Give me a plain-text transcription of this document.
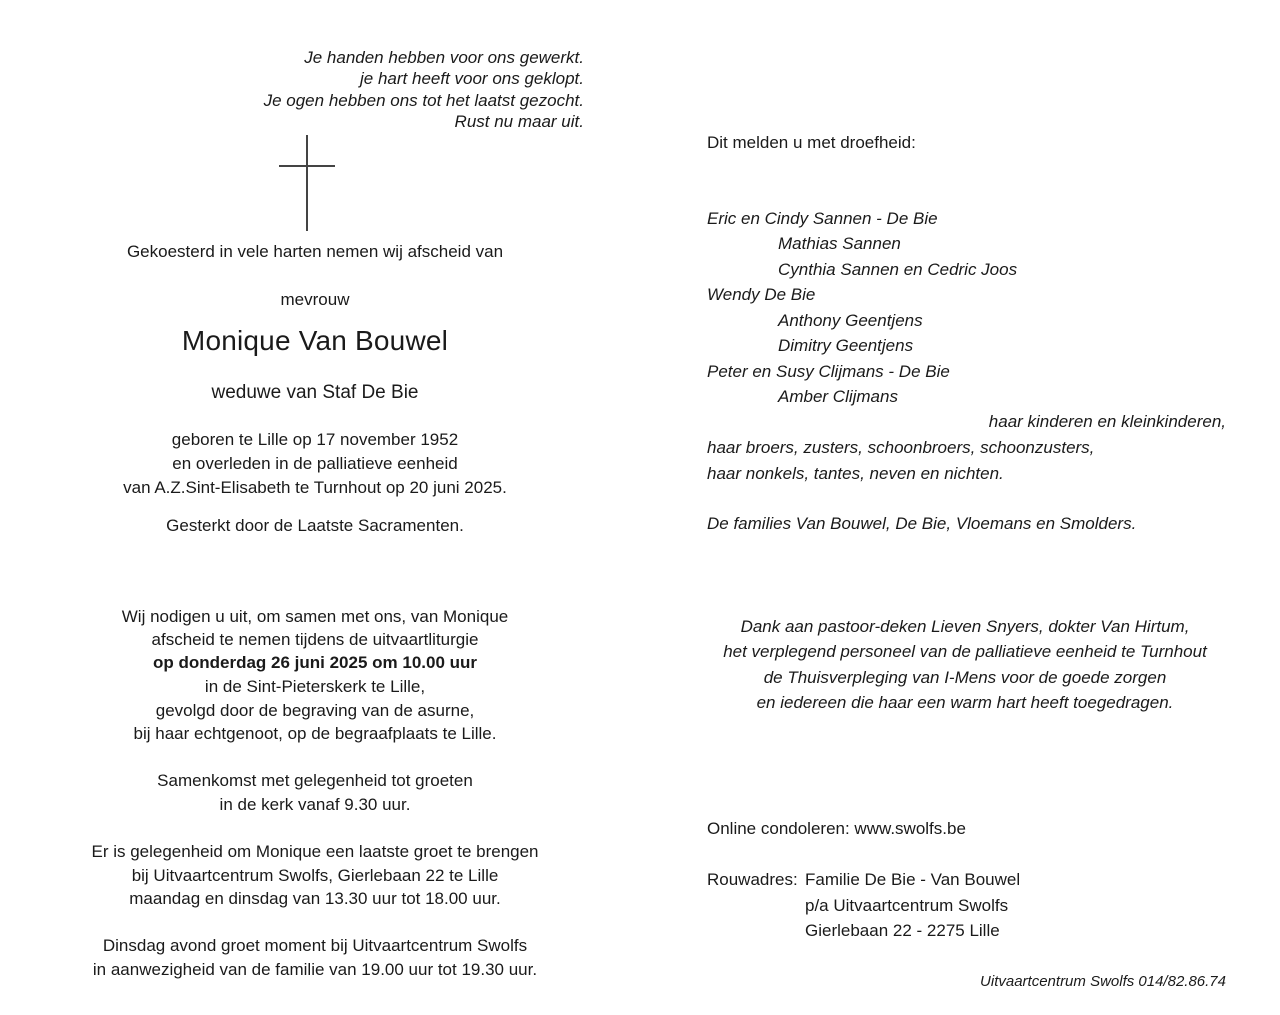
Je handen hebben voor ons gewerkt.
je hart heeft voor ons geklopt.
Je ogen hebben ons tot het laatst gezocht.
Rust nu maar uit.
Gekoesterd in vele harten nemen wij afscheid van
mevrouw
Monique Van Bouwel
weduwe van Staf De Bie
geboren te Lille op 17 november 1952
en overleden in de palliatieve eenheid
van A.Z.Sint-Elisabeth te Turnhout op 20 juni 2025.
Gesterkt door de Laatste Sacramenten.
Wij nodigen u uit, om samen met ons, van Monique
afscheid te nemen tijdens de uitvaartliturgie
op donderdag 26 juni 2025 om 10.00 uur
in de Sint-Pieterskerk te Lille,
gevolgd door de begraving van de asurne,
bij haar echtgenoot, op de begraafplaats te Lille.
Samenkomst met gelegenheid tot groeten
in de kerk vanaf 9.30 uur.
Er is gelegenheid om Monique een laatste groet te brengen
bij Uitvaartcentrum Swolfs, Gierlebaan 22 te Lille
maandag en dinsdag van 13.30 uur tot 18.00 uur.
Dinsdag avond groet moment bij Uitvaartcentrum Swolfs
in aanwezigheid van de familie van 19.00 uur tot 19.30 uur.
Dit melden u met droefheid:
Eric en Cindy Sannen - De Bie
Mathias Sannen
Cynthia Sannen en Cedric Joos
Wendy De Bie
Anthony Geentjens
Dimitry Geentjens
Peter en Susy Clijmans - De Bie
Amber Clijmans
haar kinderen en kleinkinderen,
haar broers, zusters, schoonbroers, schoonzusters,
haar nonkels, tantes, neven en nichten.
De families Van Bouwel, De Bie, Vloemans en Smolders.
Dank aan pastoor-deken Lieven Snyers, dokter Van Hirtum,
het verplegend personeel van de palliatieve eenheid te Turnhout
de Thuisverpleging van I-Mens voor de goede zorgen
en iedereen die haar een warm hart heeft toegedragen.
Online condoleren: www.swolfs.be
Rouwadres: Familie De Bie - Van Bouwel
p/a Uitvaartcentrum Swolfs
Gierlebaan 22 - 2275 Lille
Uitvaartcentrum Swolfs 014/82.86.74
